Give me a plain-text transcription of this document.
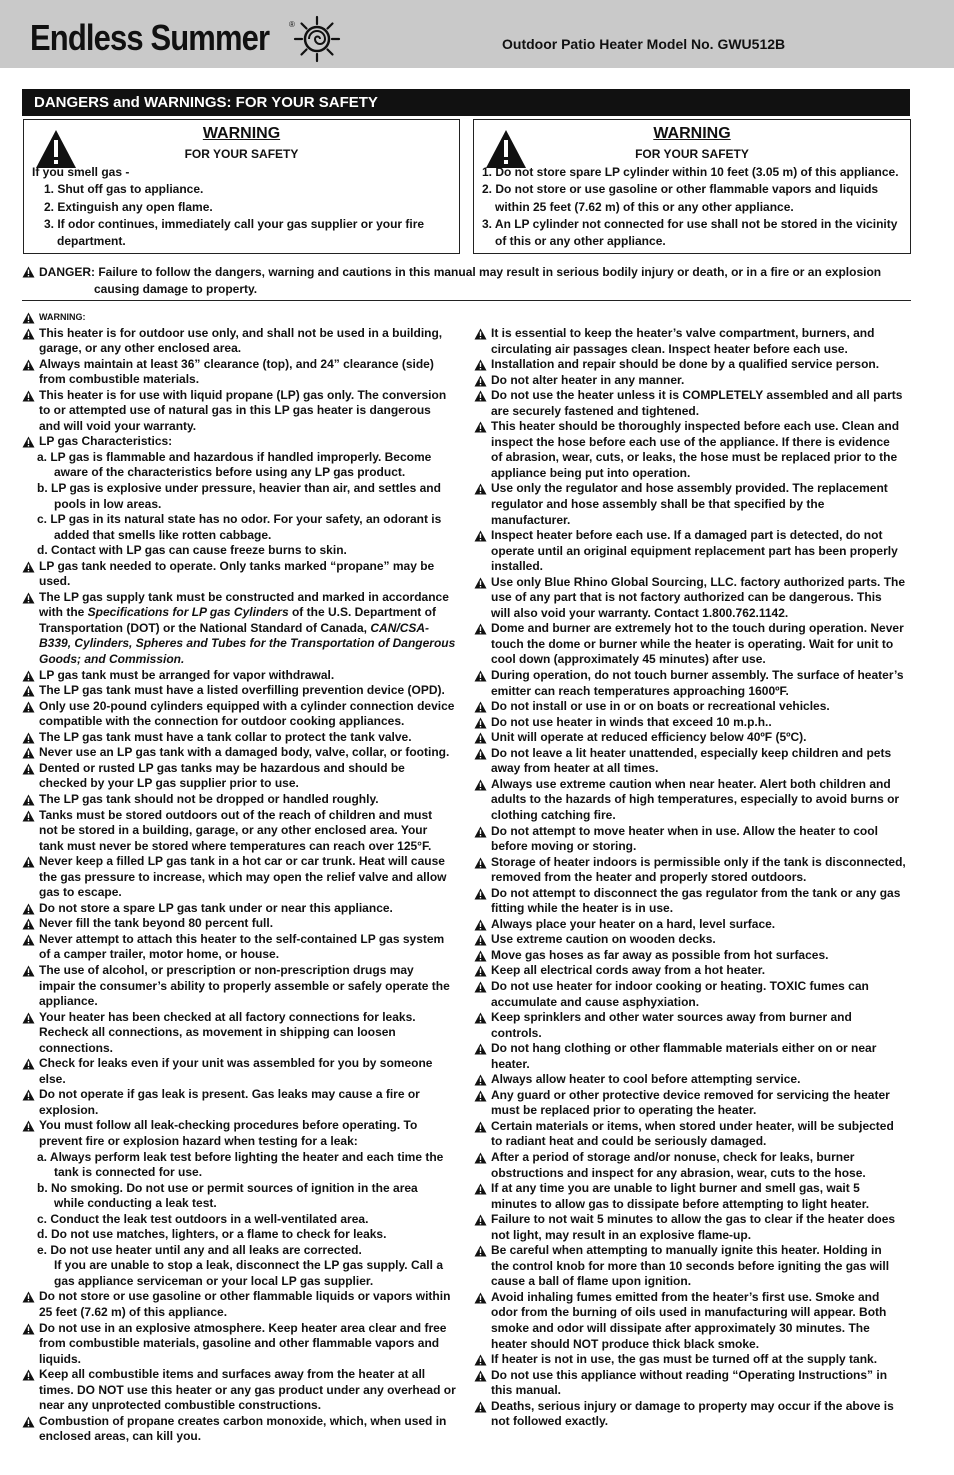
Endless Summer ®
Outdoor Patio Heater Model No. GWU512B
DANGERS and WARNINGS: FOR YOUR SAFETY
WARNING
FOR YOUR SAFETY
If you smell gas -
1. Shut off gas to appliance.
2. Extinguish any open flame.
3. If odor continues, immediately call your gas supplier or your fire
department.
WARNING
FOR YOUR SAFETY
1. Do not store spare LP cylinder within 10 feet (3.05 m) of this appliance.
2. Do not store or use gasoline or other flammable vapors and liquids
within 25 feet (7.62 m) of this or any other appliance.
3. An LP cylinder not connected for use shall not be stored in the vicinity
of this or any other appliance.
DANGER: Failure to follow the dangers, warning and cautions in this manual may result in serious bodily injury or death, or in a fire or an explosion
causing damage to property.
WARNING:
This heater is for outdoor use only, and shall not be used in a building,
garage, or any other enclosed area.
Always maintain at least 36” clearance (top), and 24” clearance (side)
from combustible materials.
This heater is for use with liquid propane (LP) gas only. The conversion
to or attempted use of natural gas in this LP gas heater is dangerous
and will void your warranty.
LP gas Characteristics:
a. LP gas is flammable and hazardous if handled improperly. Become
aware of the characteristics before using any LP gas product.
b. LP gas is explosive under pressure, heavier than air, and settles and
pools in low areas.
c. LP gas in its natural state has no odor. For your safety, an odorant is
added that smells like rotten cabbage.
d. Contact with LP gas can cause freeze burns to skin.
LP gas tank needed to operate. Only tanks marked “propane” may be
used.
The LP gas supply tank must be constructed and marked in accordance
with the Specifications for LP gas Cylinders of the U.S. Department of
Transportation (DOT) or the National Standard of Canada, CAN/CSA-
B339, Cylinders, Spheres and Tubes for the Transportation of Dangerous
Goods; and Commission.
LP gas tank must be arranged for vapor withdrawal.
The LP gas tank must have a listed overfilling prevention device (OPD).
Only use 20-pound cylinders equipped with a cylinder connection device
compatible with the connection for outdoor cooking appliances.
The LP gas tank must have a tank collar to protect the tank valve.
Never use an LP gas tank with a damaged body, valve, collar, or footing.
Dented or rusted LP gas tanks may be hazardous and should be
checked by your LP gas supplier prior to use.
The LP gas tank should not be dropped or handled roughly.
Tanks must be stored outdoors out of the reach of children and must
not be stored in a building, garage, or any other enclosed area. Your
tank must never be stored where temperatures can reach over 125°F.
Never keep a filled LP gas tank in a hot car or car trunk. Heat will cause
the gas pressure to increase, which may open the relief valve and allow
gas to escape.
Do not store a spare LP gas tank under or near this appliance.
Never fill the tank beyond 80 percent full.
Never attempt to attach this heater to the self-contained LP gas system
of a camper trailer, motor home, or house.
The use of alcohol, or prescription or non-prescription drugs may
impair the consumer’s ability to properly assemble or safely operate the
appliance.
Your heater has been checked at all factory connections for leaks.
Recheck all connections, as movement in shipping can loosen
connections.
Check for leaks even if your unit was assembled for you by someone
else.
Do not operate if gas leak is present. Gas leaks may cause a fire or
explosion.
You must follow all leak-checking procedures before operating. To
prevent fire or explosion hazard when testing for a leak:
a. Always perform leak test before lighting the heater and each time the
tank is connected for use.
b. No smoking. Do not use or permit sources of ignition in the area
while conducting a leak test.
c. Conduct the leak test outdoors in a well-ventilated area.
d. Do not use matches, lighters, or a flame to check for leaks.
e. Do not use heater until any and all leaks are corrected.
If you are unable to stop a leak, disconnect the LP gas supply. Call a
gas appliance serviceman or your local LP gas supplier.
Do not store or use gasoline or other flammable liquids or vapors within
25 feet (7.62 m) of this appliance.
Do not use in an explosive atmosphere. Keep heater area clear and free
from combustible materials, gasoline and other flammable vapors and
liquids.
Keep all combustible items and surfaces away from the heater at all
times. DO NOT use this heater or any gas product under any overhead or
near any unprotected combustible constructions.
Combustion of propane creates carbon monoxide, which, when used in
enclosed areas, can kill you.
It is essential to keep the heater’s valve compartment, burners, and
circulating air passages clean. Inspect heater before each use.
Installation and repair should be done by a qualified service person.
Do not alter heater in any manner.
Do not use the heater unless it is COMPLETELY assembled and all parts
are securely fastened and tightened.
This heater should be thoroughly inspected before each use. Clean and
inspect the hose before each use of the appliance. If there is evidence
of abrasion, wear, cuts, or leaks, the hose must be replaced prior to the
appliance being put into operation.
Use only the regulator and hose assembly provided. The replacement
regulator and hose assembly shall be that specified by the
manufacturer.
Inspect heater before each use. If a damaged part is detected, do not
operate until an original equipment replacement part has been properly
installed.
Use only Blue Rhino Global Sourcing, LLC. factory authorized parts. The
use of any part that is not factory authorized can be dangerous. This
will also void your warranty. Contact 1.800.762.1142.
Dome and burner are extremely hot to the touch during operation. Never
touch the dome or burner while the heater is operating. Wait for unit to
cool down (approximately 45 minutes) after use.
During operation, do not touch burner assembly. The surface of heater’s
emitter can reach temperatures approaching 1600ºF.
Do not install or use in or on boats or recreational vehicles.
Do not use heater in winds that exceed 10 m.p.h..
Unit will operate at reduced efficiency below 40ºF (5ºC).
Do not leave a lit heater unattended, especially keep children and pets
away from heater at all times.
Always use extreme caution when near heater. Alert both children and
adults to the hazards of high temperatures, especially to avoid burns or
clothing catching fire.
Do not attempt to move heater when in use. Allow the heater to cool
before moving or storing.
Storage of heater indoors is permissible only if the tank is disconnected,
removed from the heater and properly stored outdoors.
Do not attempt to disconnect the gas regulator from the tank or any gas
fitting while the heater is in use.
Always place your heater on a hard, level surface.
Use extreme caution on wooden decks.
Move gas hoses as far away as possible from hot surfaces.
Keep all electrical cords away from a hot heater.
Do not use heater for indoor cooking or heating. TOXIC fumes can
accumulate and cause asphyxiation.
Keep sprinklers and other water sources away from burner and
controls.
Do not hang clothing or other flammable materials either on or near
heater.
Always allow heater to cool before attempting service.
Any guard or other protective device removed for servicing the heater
must be replaced prior to operating the heater.
Certain materials or items, when stored under heater, will be subjected
to radiant heat and could be seriously damaged.
After a period of storage and/or nonuse, check for leaks, burner
obstructions and inspect for any abrasion, wear, cuts to the hose.
If at any time you are unable to light burner and smell gas, wait 5
minutes to allow gas to dissipate before attempting to light heater.
Failure to not wait 5 minutes to allow the gas to clear if the heater does
not light, may result in an explosive flame-up.
Be careful when attempting to manually ignite this heater. Holding in
the control knob for more than 10 seconds before igniting the gas will
cause a ball of flame upon ignition.
Avoid inhaling fumes emitted from the heater’s first use. Smoke and
odor from the burning of oils used in manufacturing will appear. Both
smoke and odor will dissipate after approximately 30 minutes. The
heater should NOT produce thick black smoke.
If heater is not in use, the gas must be turned off at the supply tank.
Do not use this appliance without reading “Operating Instructions” in
this manual.
Deaths, serious injury or damage to property may occur if the above is
not followed exactly.
